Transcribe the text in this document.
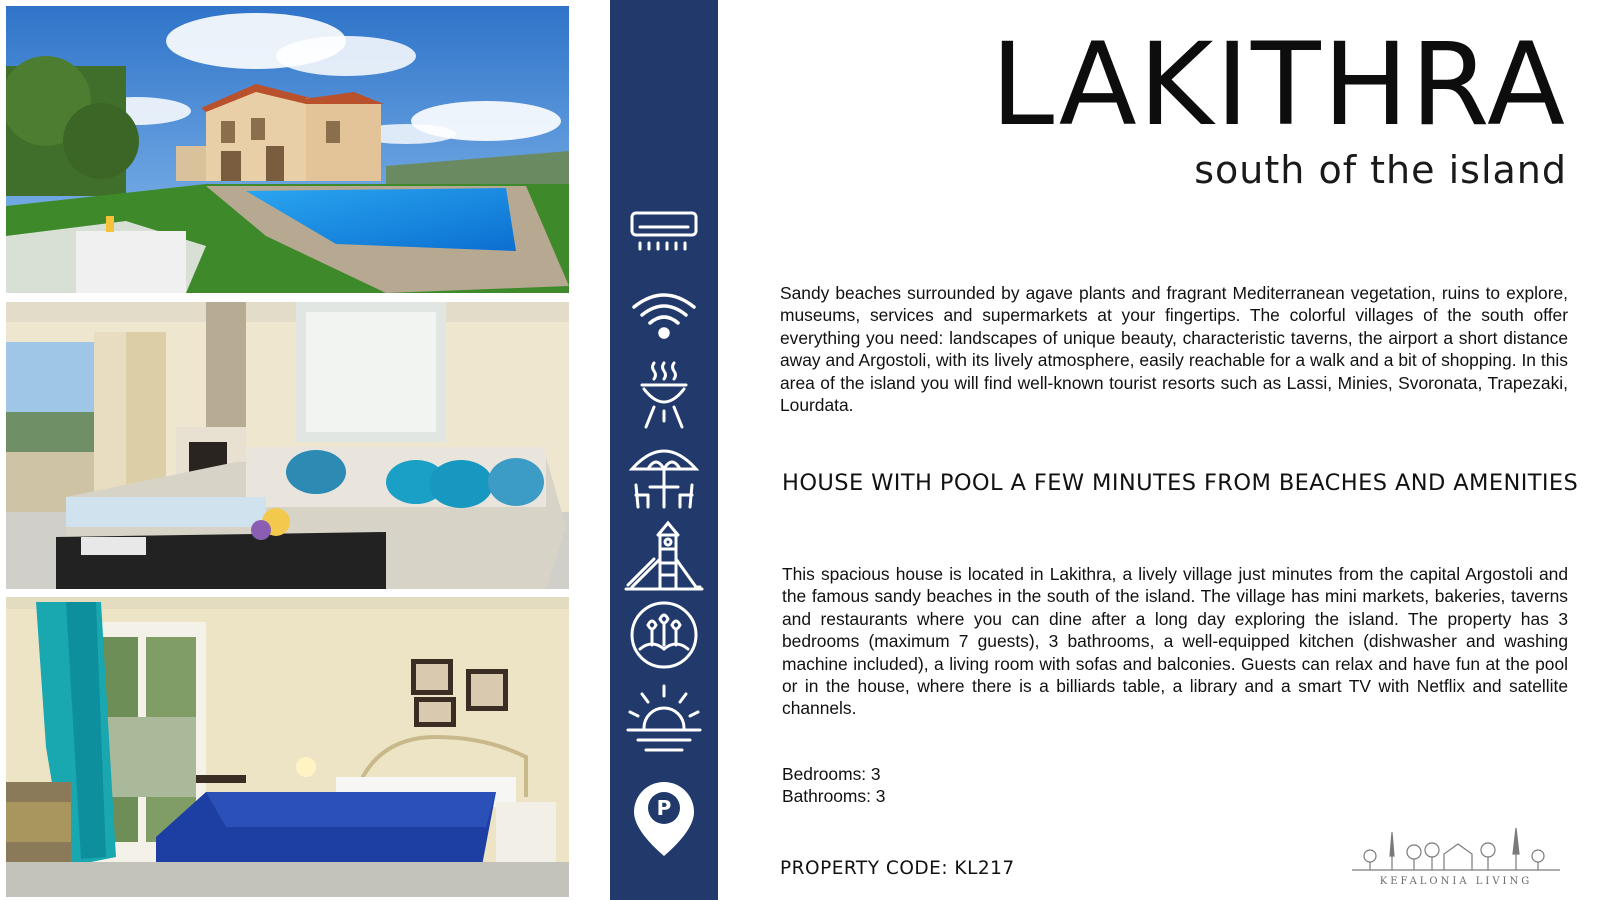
P
LAKITHRA
south of the island

Sandy beaches surrounded by agave plants and fragrant Mediterranean vegetation, ruins to explore, museums, services and supermarkets at your fingertips. The colorful villages of the south offer everything you need: landscapes of unique beauty, characteristic taverns, the airport a short distance away and Argostoli, with its lively atmosphere, easily reachable for a walk and a bit of shopping. In this area of the island you will find well-known tourist resorts such as Lassi, Minies, Svoronata, Trapezaki, Lourdata.

HOUSE WITH POOL A FEW MINUTES FROM BEACHES AND AMENITIES

This spacious house is located in Lakithra, a lively village just minutes from the capital Argostoli and the famous sandy beaches in the south of the island. The village has mini markets, bakeries, taverns and restaurants where you can dine after a long day exploring the island. The property has 3 bedrooms (maximum 7 guests), 3 bathrooms, a well-equipped kitchen (dishwasher and washing machine included), a living room with sofas and balconies. Guests can relax and have fun at the pool or in the house, where there is a billiards table, a library and a smart TV with Netflix and satellite channels.

Bedrooms: 3
Bathrooms: 3
PROPERTY CODE: KL217
KEFALONIA LIVING
